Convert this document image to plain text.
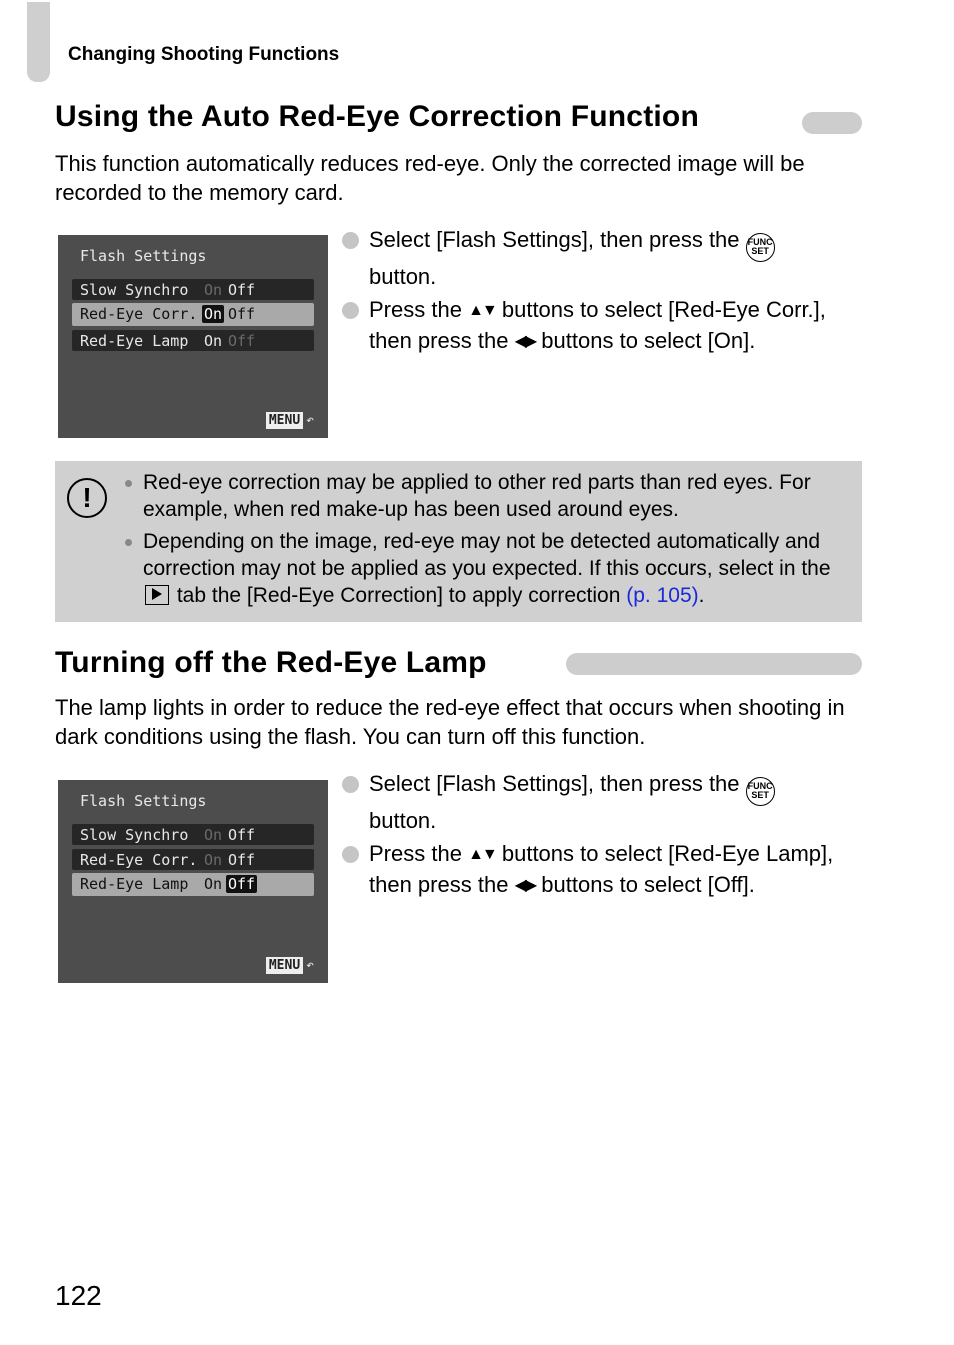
Changing Shooting Functions
Using the Auto Red-Eye Correction Function
This function automatically reduces red-eye. Only the corrected image will be recorded to the memory card.
Flash Settings
Slow Synchro On Off
Red-Eye Corr. On Off
Red-Eye Lamp On Off
MENU ↶
Select [Flash Settings], then press the FUNC SET button.
Press the ▲▼ buttons to select [Red-Eye Corr.], then press the ◀▶ buttons to select [On].
!	Red-eye correction may be applied to other red parts than red eyes. For example, when red make-up has been used around eyes.
Depending on the image, red-eye may not be detected automatically and correction may not be applied as you expected. If this occurs, select in the  tab the [Red-Eye Correction] to apply correction (p. 105).
Turning off the Red-Eye Lamp
The lamp lights in order to reduce the red-eye effect that occurs when shooting in dark conditions using the flash. You can turn off this function.
Flash Settings
Slow Synchro On Off
Red-Eye Corr. On Off
Red-Eye Lamp On Off
MENU ↶
Select [Flash Settings], then press the FUNC SET button.
Press the ▲▼ buttons to select [Red-Eye Lamp], then press the ◀▶ buttons to select [Off].
122
